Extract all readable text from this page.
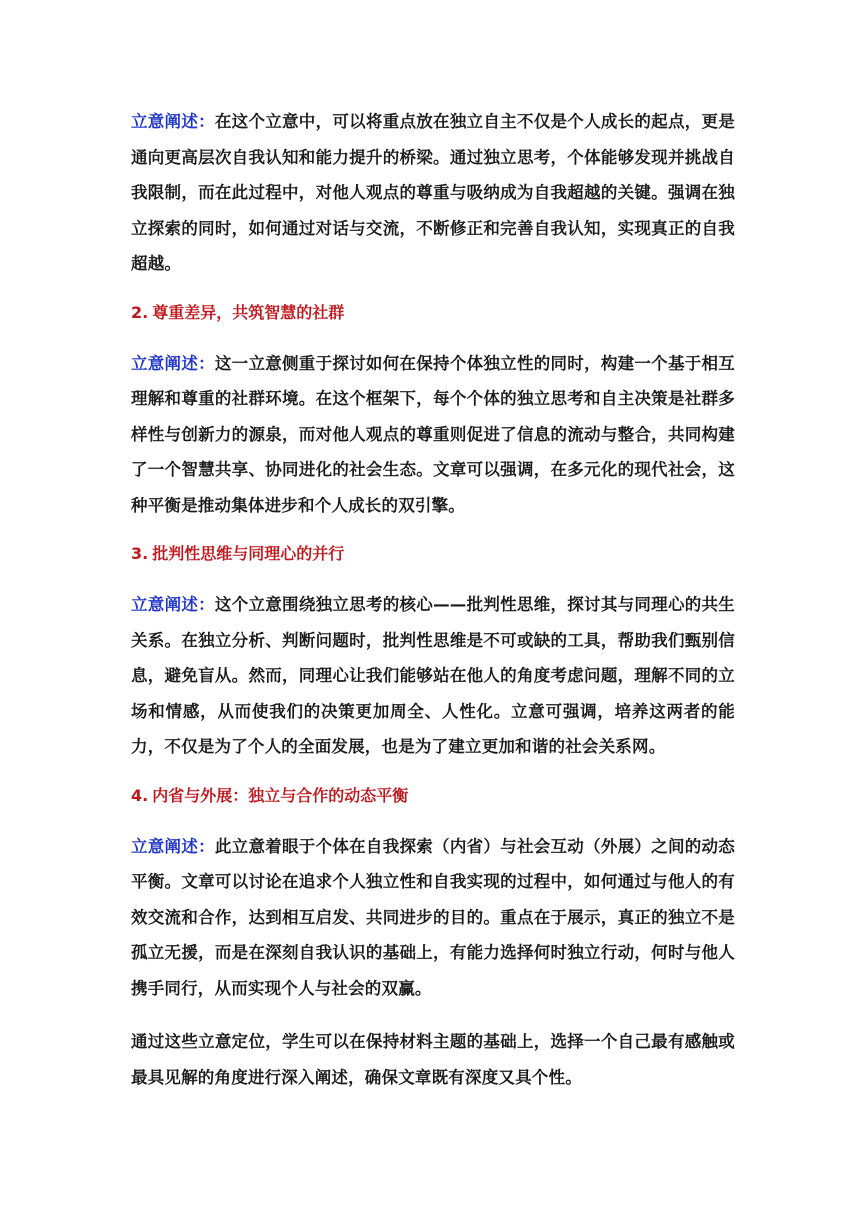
立意阐述：在这个立意中，可以将重点放在独立自主不仅是个人成长的起点，更是通向更高层次自我认知和能力提升的桥梁。通过独立思考，个体能够发现并挑战自我限制，而在此过程中，对他人观点的尊重与吸纳成为自我超越的关键。强调在独立探索的同时，如何通过对话与交流，不断修正和完善自我认知，实现真正的自我超越。

2. 尊重差异，共筑智慧的社群

立意阐述：这一立意侧重于探讨如何在保持个体独立性的同时，构建一个基于相互理解和尊重的社群环境。在这个框架下，每个个体的独立思考和自主决策是社群多样性与创新力的源泉，而对他人观点的尊重则促进了信息的流动与整合，共同构建了一个智慧共享、协同进化的社会生态。文章可以强调，在多元化的现代社会，这种平衡是推动集体进步和个人成长的双引擎。

3. 批判性思维与同理心的并行

立意阐述：这个立意围绕独立思考的核心——批判性思维，探讨其与同理心的共生关系。在独立分析、判断问题时，批判性思维是不可或缺的工具，帮助我们甄别信息，避免盲从。然而，同理心让我们能够站在他人的角度考虑问题，理解不同的立场和情感，从而使我们的决策更加周全、人性化。立意可强调，培养这两者的能力，不仅是为了个人的全面发展，也是为了建立更加和谐的社会关系网。

4. 内省与外展：独立与合作的动态平衡

立意阐述：此立意着眼于个体在自我探索（内省）与社会互动（外展）之间的动态平衡。文章可以讨论在追求个人独立性和自我实现的过程中，如何通过与他人的有效交流和合作，达到相互启发、共同进步的目的。重点在于展示，真正的独立不是孤立无援，而是在深刻自我认识的基础上，有能力选择何时独立行动，何时与他人携手同行，从而实现个人与社会的双赢。

通过这些立意定位，学生可以在保持材料主题的基础上，选择一个自己最有感触或最具见解的角度进行深入阐述，确保文章既有深度又具个性。
